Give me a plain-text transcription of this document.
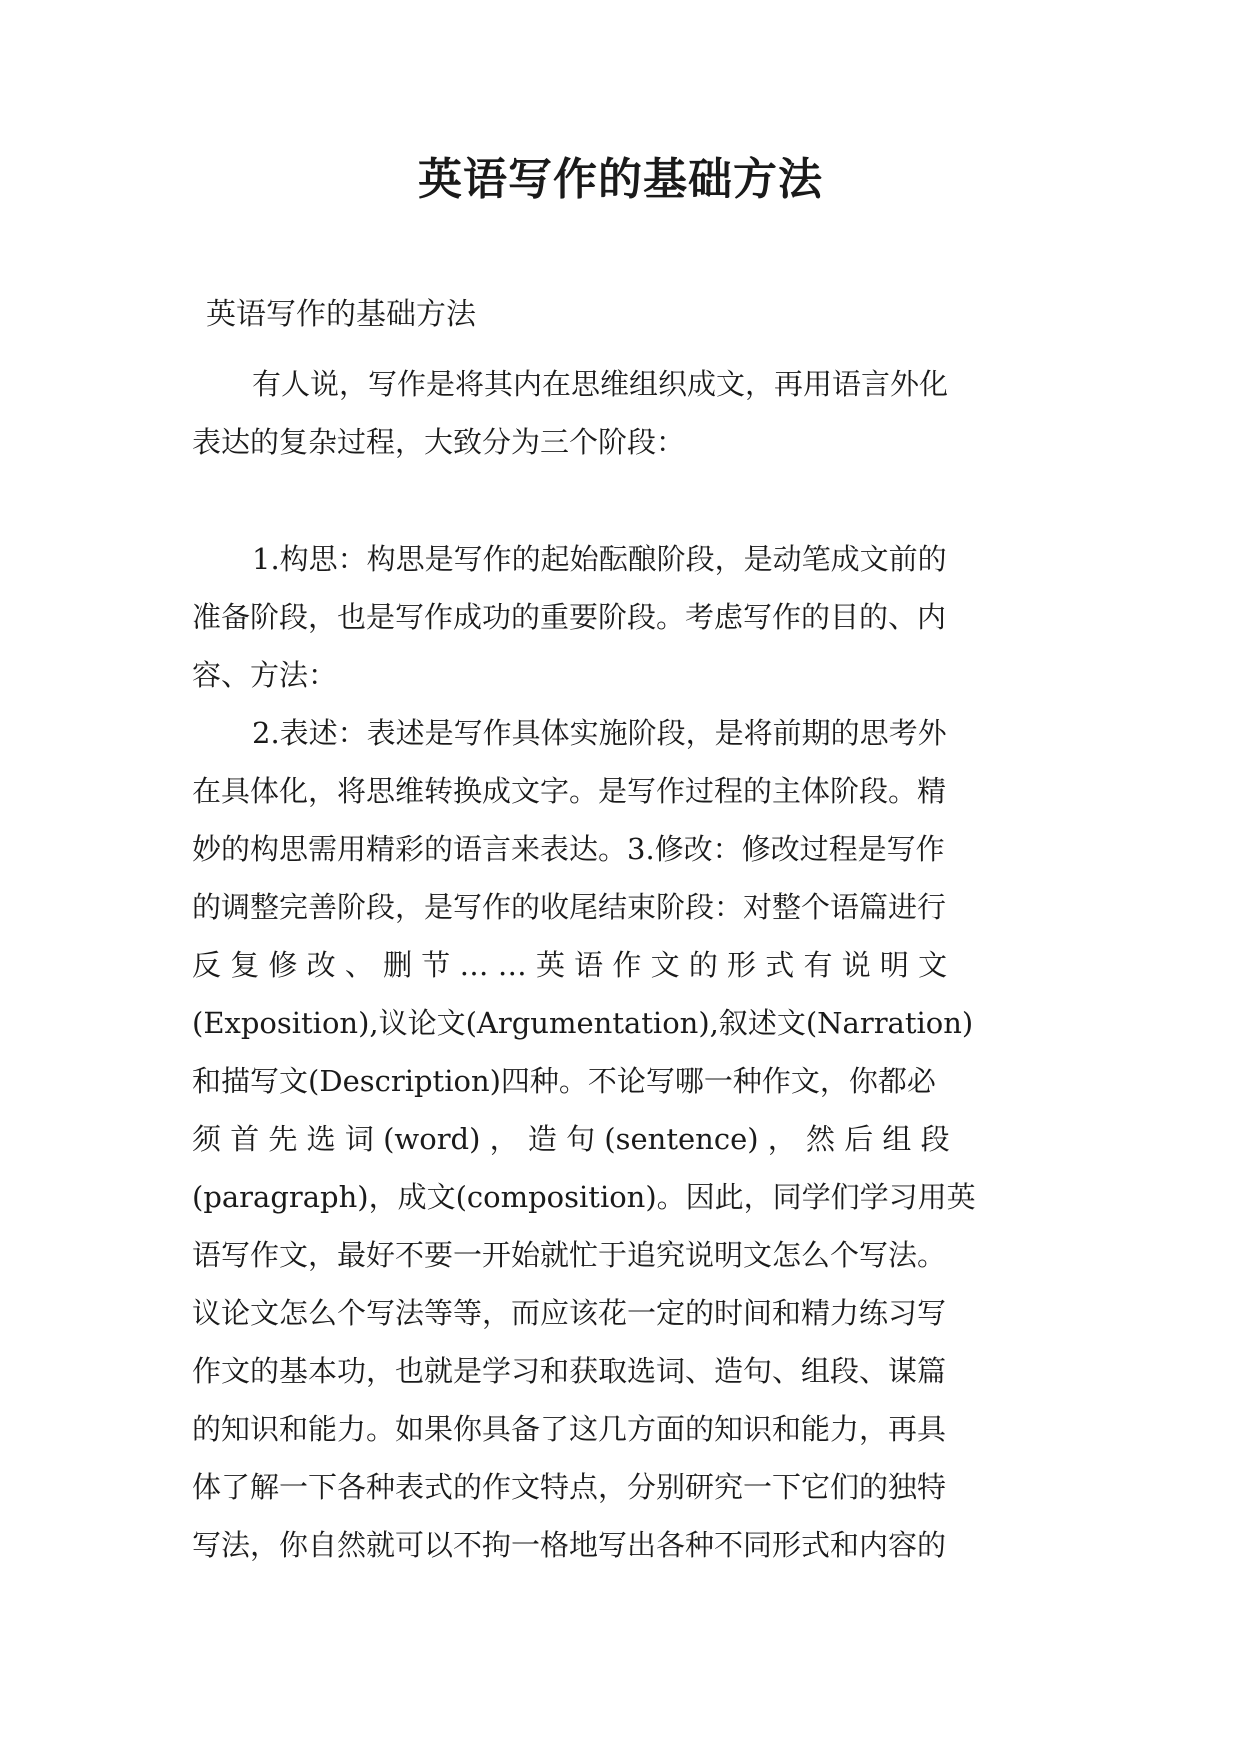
英语写作的基础方法
英语写作的基础方法
有人说，写作是将其内在思维组织成文，再用语言外化
表达的复杂过程，大致分为三个阶段：
1.构思：构思是写作的起始酝酿阶段，是动笔成文前的
准备阶段，也是写作成功的重要阶段。考虑写作的目的、内
容、方法：
2.表述：表述是写作具体实施阶段，是将前期的思考外
在具体化，将思维转换成文字。是写作过程的主体阶段。精
妙的构思需用精彩的语言来表达。3.修改：修改过程是写作
的调整完善阶段，是写作的收尾结束阶段：对整个语篇进行
反 复 修 改 、 删 节 … … 英 语 作 文 的 形 式 有 说 明 文
(Exposition),议论文(Argumentation),叙述文(Narration)
和描写文(Description)四种。不论写哪一种作文，你都必
须 首 先 选 词 (word) ， 造 句 (sentence) ， 然 后 组 段
(paragraph)，成文(composition)。因此，同学们学习用英
语写作文，最好不要一开始就忙于追究说明文怎么个写法。
议论文怎么个写法等等，而应该花一定的时间和精力练习写
作文的基本功，也就是学习和获取选词、造句、组段、谋篇
的知识和能力。如果你具备了这几方面的知识和能力，再具
体了解一下各种表式的作文特点，分别研究一下它们的独特
写法，你自然就可以不拘一格地写出各种不同形式和内容的
